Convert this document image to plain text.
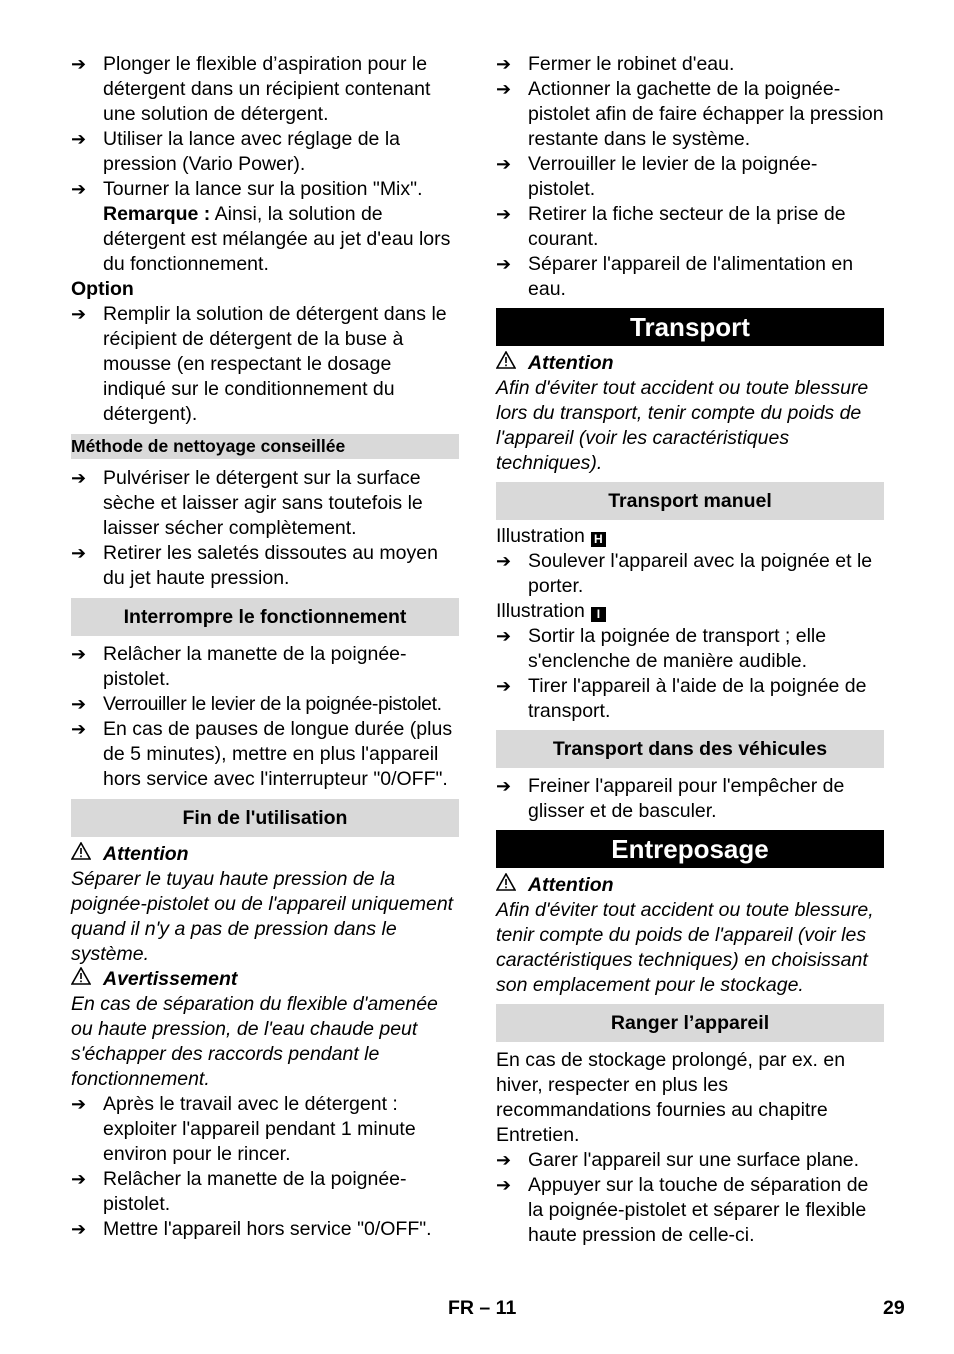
➔ Plonger le flexible d’aspiration pour le détergent dans un récipient contenant une solution de détergent.
➔ Utiliser la lance avec réglage de la pression (Vario Power).
➔ Tourner la lance sur la position "Mix".
Remarque : Ainsi, la solution de détergent est mélangée au jet d'eau lors du fonctionnement.
Option
➔ Remplir la solution de détergent dans le récipient de détergent de la buse à mousse (en respectant le dosage indiqué sur le conditionnement du détergent).
Méthode de nettoyage conseillée
➔ Pulvériser le détergent sur la surface sèche et laisser agir sans toutefois le laisser sécher complètement.
➔ Retirer les saletés dissoutes au moyen du jet haute pression.
Interrompre le fonctionnement
➔ Relâcher la manette de la poignée-pistolet.
➔ Verrouiller le levier de la poignée-pistolet.
➔ En cas de pauses de longue durée (plus de 5 minutes), mettre en plus l'appareil hors service avec l'interrupteur "0/OFF".
Fin de l'utilisation
Attention
Séparer le tuyau haute pression de la poignée-pistolet ou de l'appareil uniquement quand il n'y a pas de pression dans le système.
Avertissement
En cas de séparation du flexible d'amenée ou haute pression, de l'eau chaude peut s'échapper des raccords pendant le fonctionnement.
➔ Après le travail avec le détergent : exploiter l'appareil pendant 1 minute environ pour le rincer.
➔ Relâcher la manette de la poignée-pistolet.
➔ Mettre l'appareil hors service "0/OFF".
➔ Fermer le robinet d'eau.
➔ Actionner la gachette de la poignée-pistolet afin de faire échapper la pression restante dans le système.
➔ Verrouiller le levier de la poignée-pistolet.
➔ Retirer la fiche secteur de la prise de courant.
➔ Séparer l'appareil de l'alimentation en eau.
Transport
Attention
Afin d'éviter tout accident ou toute blessure lors du transport, tenir compte du poids de l'appareil (voir les caractéristiques techniques).
Transport manuel
Illustration H
➔ Soulever l'appareil avec la poignée et le porter.
Illustration I
➔ Sortir la poignée de transport ; elle s'enclenche de manière audible.
➔ Tirer l'appareil à l'aide de la poignée de transport.
Transport dans des véhicules
➔ Freiner l'appareil pour l'empêcher de glisser et de basculer.
Entreposage
Attention
Afin d'éviter tout accident ou toute blessure, tenir compte du poids de l'appareil (voir les caractéristiques techniques) en choisissant son emplacement pour le stockage.
Ranger l’appareil
En cas de stockage prolongé, par ex. en hiver, respecter en plus les recommandations fournies au chapitre Entretien.
➔ Garer l'appareil sur une surface plane.
➔ Appuyer sur la touche de séparation de la poignée-pistolet et séparer le flexible haute pression de celle-ci.
FR – 11	29
